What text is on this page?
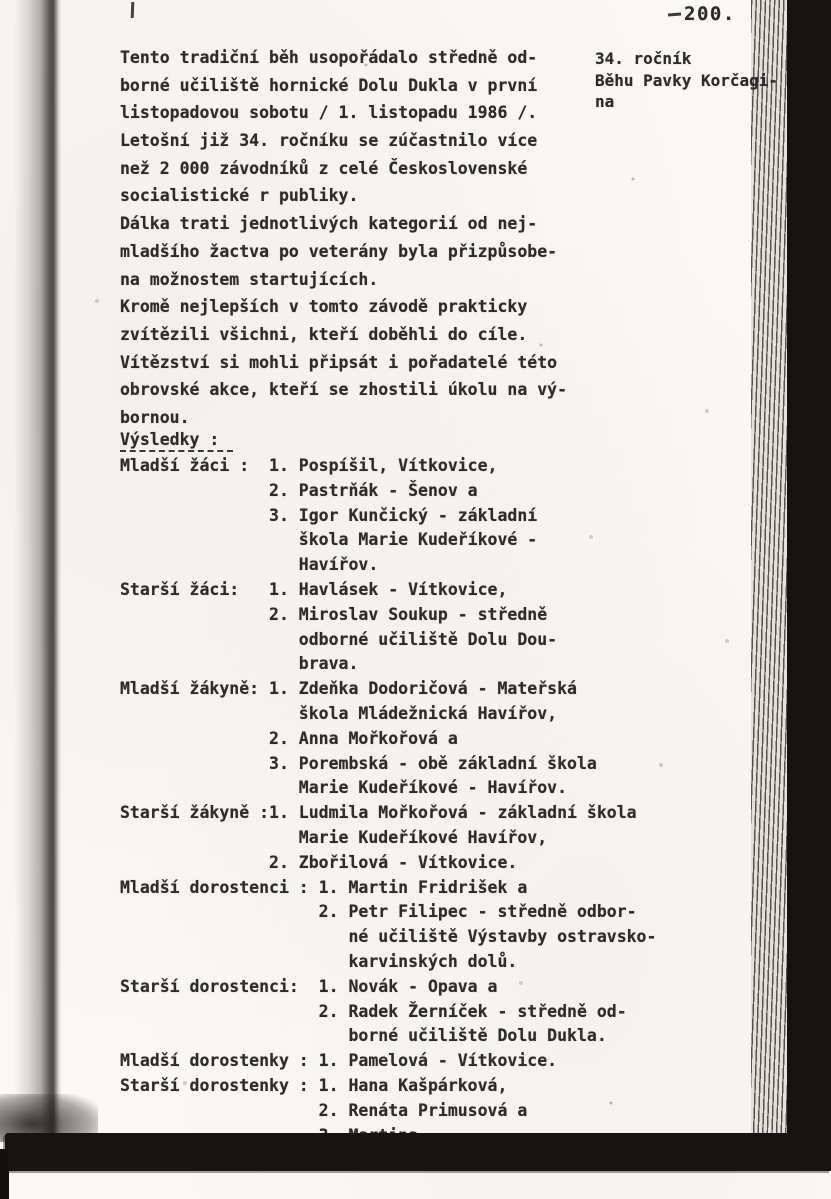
200.
Tento tradiční běh usopořádalo středně od-
borné učiliště hornické Dolu Dukla v první
listopadovou sobotu / 1. listopadu 1986 /.
Letošní již 34. ročníku se zúčastnilo více
než 2 000 závodníků z celé Československé
socialistické r publiky.
Dálka trati jednotlivých kategorií od nej-
mladšího žactva po veterány byla přizpůsobe-
na možnostem startujících.
Kromě nejlepších v tomto závodě prakticky
zvítězili všichni, kteří doběhli do cíle.
Vítězství si mohli připsát i pořadatelé této
obrovské akce, kteří se zhostili úkolu na vý-
bornou.
34. ročník
Běhu Pavky Korčagi-
na
Výsledky :
Mladší žáci :  1. Pospíšil, Vítkovice,
2. Pastrňák - Šenov a
3. Igor Kunčický - základní
škola Marie Kudeříkové -
Havířov.
Starší žáci:   1. Havlásek - Vítkovice,
2. Miroslav Soukup - středně
odborné učiliště Dolu Dou-
brava.
Mladší žákyně: 1. Zdeňka Dodoričová - Mateřská
škola Mládežnická Havířov,
2. Anna Mořkořová a
3. Porembská - obě základní škola
Marie Kudeříkové - Havířov.
Starší žákyně :1. Ludmila Mořkořová - základní škola
Marie Kudeříkové Havířov,
2. Zbořilová - Vítkovice.
Mladší dorostenci : 1. Martin Fridrišek a
2. Petr Filipec - středně odbor-
né učiliště Výstavby ostravsko-
karvinských dolů.
Starší dorostenci:  1. Novák - Opava a
2. Radek Žerníček - středně od-
borné učiliště Dolu Dukla.
Mladší dorostenky : 1. Pamelová - Vítkovice.
Starší dorostenky : 1. Hana Kašpárková,
2. Renáta Primusová a
